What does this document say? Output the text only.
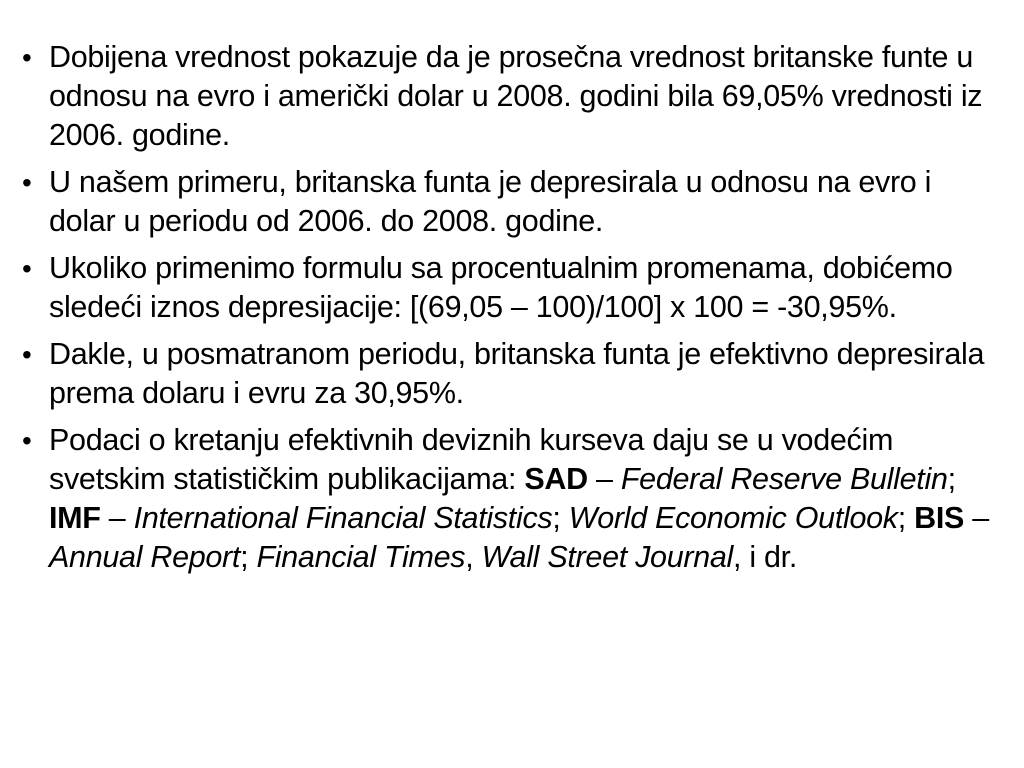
• Dobijena vrednost pokazuje da je prosečna vrednost britanske funte u odnosu na evro i američki dolar u 2008. godini bila 69,05% vrednosti iz 2006. godine.
• U našem primeru, britanska funta je depresirala u odnosu na evro i dolar u periodu od 2006. do 2008. godine.
• Ukoliko primenimo formulu sa procentualnim promenama, dobićemo sledeći iznos depresijacije: [(69,05 – 100)/100] x 100 = -30,95%.
• Dakle, u posmatranom periodu, britanska funta je efektivno depresirala prema dolaru i evru za 30,95%.
• Podaci o kretanju efektivnih deviznih kurseva daju se u vodećim svetskim statističkim publikacijama: SAD – Federal Reserve Bulletin; IMF – International Financial Statistics; World Economic Outlook; BIS – Annual Report; Financial Times, Wall Street Journal, i dr.
